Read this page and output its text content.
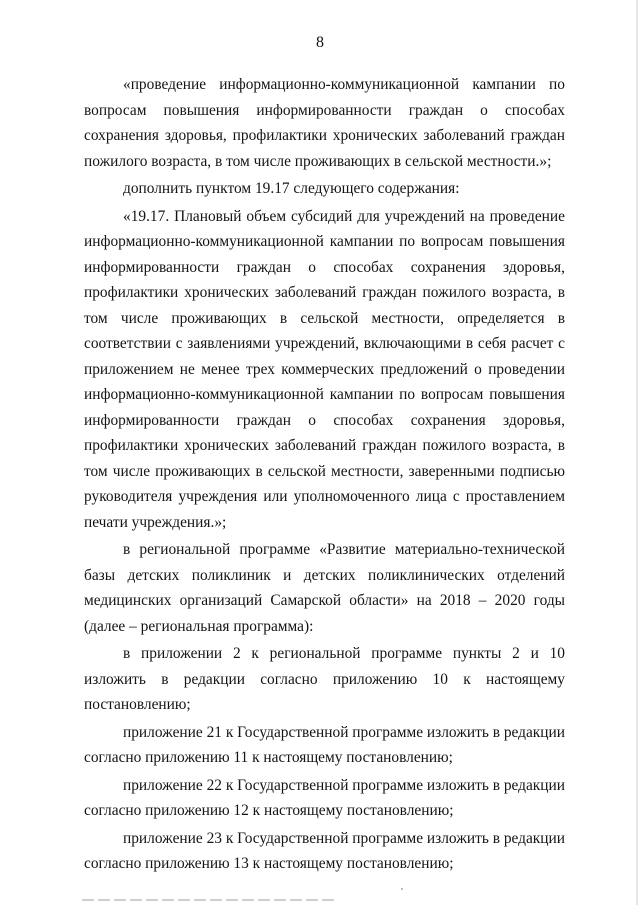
8

«проведение информационно-коммуникационной кампании по вопросам повышения информированности граждан о способах сохранения здоровья, профилактики хронических заболеваний граждан пожилого возраста, в том числе проживающих в сельской местности.»;

дополнить пунктом 19.17 следующего содержания:

«19.17. Плановый объем субсидий для учреждений на проведение информационно-коммуникационной кампании по вопросам повышения информированности граждан о способах сохранения здоровья, профилактики хронических заболеваний граждан пожилого возраста, в том числе проживающих в сельской местности, определяется в соответствии с заявлениями учреждений, включающими в себя расчет с приложением не менее трех коммерческих предложений о проведении информационно-коммуникационной кампании по вопросам повышения информированности граждан о способах сохранения здоровья, профилактики хронических заболеваний граждан пожилого возраста, в том числе проживающих в сельской местности, заверенными подписью руководителя учреждения или уполномоченного лица с проставлением печати учреждения.»;

в региональной программе «Развитие материально-технической базы детских поликлиник и детских поликлинических отделений медицинских организаций Самарской области» на 2018 – 2020 годы (далее – региональная программа):

в приложении 2 к региональной программе пункты 2 и 10 изложить в редакции согласно приложению 10 к настоящему постановлению;

приложение 21 к Государственной программе изложить в редакции согласно приложению 11 к настоящему постановлению;

приложение 22 к Государственной программе изложить в редакции согласно приложению 12 к настоящему постановлению;

приложение 23 к Государственной программе изложить в редакции согласно приложению 13 к настоящему постановлению;
